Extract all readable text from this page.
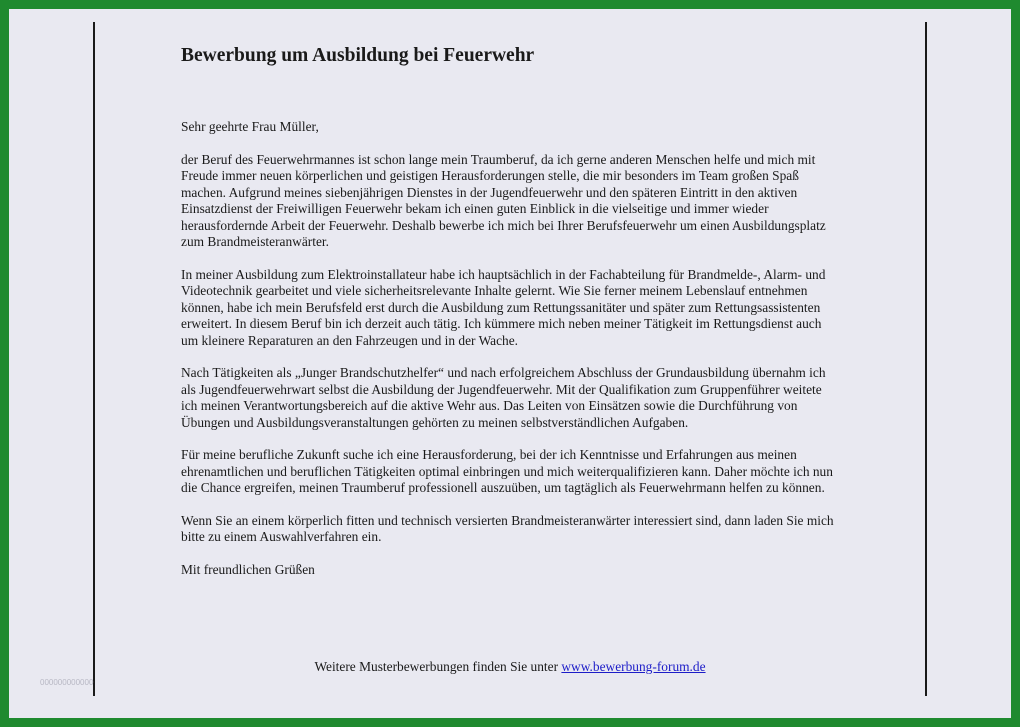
Bewerbung um Ausbildung bei Feuerwehr

Sehr geehrte Frau Müller,

der Beruf des Feuerwehrmannes ist schon lange mein Traumberuf, da ich gerne anderen Menschen helfe und mich mit Freude immer neuen körperlichen und geistigen Herausforderungen stelle, die mir besonders im Team großen Spaß machen. Aufgrund meines siebenjährigen Dienstes in der Jugendfeuerwehr und den späteren Eintritt in den aktiven Einsatzdienst der Freiwilligen Feuerwehr bekam ich einen guten Einblick in die vielseitige und immer wieder herausfordernde Arbeit der Feuerwehr. Deshalb bewerbe ich mich bei Ihrer Berufsfeuerwehr um einen Ausbildungsplatz zum Brandmeisteranwärter.

In meiner Ausbildung zum Elektroinstallateur habe ich hauptsächlich in der Fachabteilung für Brandmelde-, Alarm- und Videotechnik gearbeitet und viele sicherheitsrelevante Inhalte gelernt. Wie Sie ferner meinem Lebenslauf entnehmen können, habe ich mein Berufsfeld erst durch die Ausbildung zum Rettungssanitäter und später zum Rettungsassistenten erweitert. In diesem Beruf bin ich derzeit auch tätig. Ich kümmere mich neben meiner Tätigkeit im Rettungsdienst auch um kleinere Reparaturen an den Fahrzeugen und in der Wache.

Nach Tätigkeiten als „Junger Brandschutzhelfer“ und nach erfolgreichem Abschluss der Grundausbildung übernahm ich als Jugendfeuerwehrwart selbst die Ausbildung der Jugendfeuerwehr. Mit der Qualifikation zum Gruppenführer weitete ich meinen Verantwortungsbereich auf die aktive Wehr aus. Das Leiten von Einsätzen sowie die Durchführung von Übungen und Ausbildungsveranstaltungen gehörten zu meinen selbstverständlichen Aufgaben.

Für meine berufliche Zukunft suche ich eine Herausforderung, bei der ich Kenntnisse und Erfahrungen aus meinen ehrenamtlichen und beruflichen Tätigkeiten optimal einbringen und mich weiterqualifizieren kann. Daher möchte ich nun die Chance ergreifen, meinen Traumberuf professionell auszuüben, um tagtäglich als Feuerwehrmann helfen zu können.

Wenn Sie an einem körperlich fitten und technisch versierten Brandmeisteranwärter interessiert sind, dann laden Sie mich bitte zu einem Auswahlverfahren ein.

Mit freundlichen Grüßen

Weitere Musterbewerbungen finden Sie unter www.bewerbung-forum.de
000000000000
